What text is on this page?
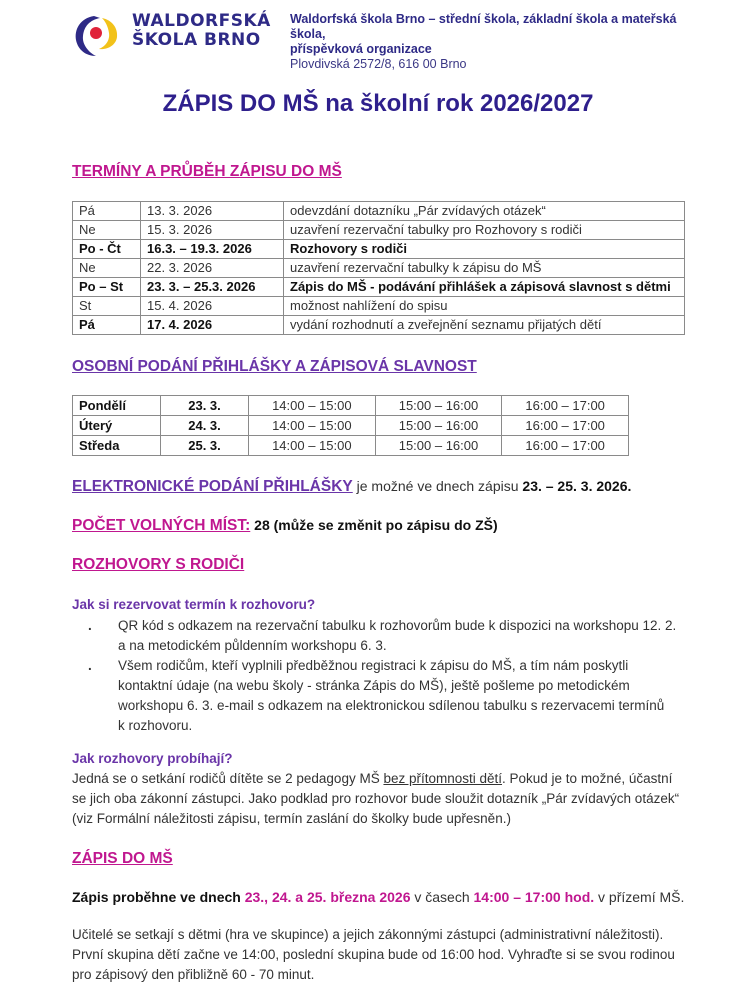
WALDORFSKÁ
ŠKOLA BRNO
Waldorfská škola Brno – střední škola, základní škola a mateřská škola,
příspěvková organizace
Plovdivská 2572/8, 616 00 Brno
ZÁPIS DO MŠ na školní rok 2026/2027
TERMÍNY A PRŮBĚH ZÁPISU DO MŠ
Pá	13. 3. 2026	odevzdání dotazníku „Pár zvídavých otázek“
Ne	15. 3. 2026	uzavření rezervační tabulky pro Rozhovory s rodiči
Po - Čt	16.3. – 19.3. 2026	Rozhovory s rodiči
Ne	22. 3. 2026	uzavření rezervační tabulky k zápisu do MŠ
Po – St	23. 3. – 25.3. 2026	Zápis do MŠ - podávání přihlášek a zápisová slavnost s dětmi
St	15. 4. 2026	možnost nahlížení do spisu
Pá	17. 4. 2026	vydání rozhodnutí a zveřejnění seznamu přijatých dětí
OSOBNÍ PODÁNÍ PŘIHLÁŠKY A ZÁPISOVÁ SLAVNOST
Pondělí	23. 3.	14:00 – 15:00	15:00 – 16:00	16:00 – 17:00
Úterý	24. 3.	14:00 – 15:00	15:00 – 16:00	16:00 – 17:00
Středa	25. 3.	14:00 – 15:00	15:00 – 16:00	16:00 – 17:00
ELEKTRONICKÉ PODÁNÍ PŘIHLÁŠKY je možné ve dnech zápisu 23. – 25. 3. 2026.
POČET VOLNÝCH MÍST: 28 (může se změnit po zápisu do ZŠ)
ROZHOVORY S RODIČI
Jak si rezervovat termín k rozhovoru?
. QR kód s odkazem na rezervační tabulku k rozhovorům bude k dispozici na workshopu 12. 2.
a na metodickém půldenním workshopu 6. 3.
. Všem rodičům, kteří vyplnili předběžnou registraci k zápisu do MŠ, a tím nám poskytli
kontaktní údaje (na webu školy - stránka Zápis do MŠ), ještě pošleme po metodickém
workshopu 6. 3. e-mail s odkazem na elektronickou sdílenou tabulku s rezervacemi termínů
k rozhovoru.
Jak rozhovory probíhají?
Jedná se o setkání rodičů dítěte se 2 pedagogy MŠ bez přítomnosti dětí. Pokud je to možné, účastní
se jich oba zákonní zástupci. Jako podklad pro rozhovor bude sloužit dotazník „Pár zvídavých otázek“
(viz Formální náležitosti zápisu, termín zaslání do školky bude upřesněn.)
ZÁPIS DO MŠ
Zápis proběhne ve dnech 23., 24. a 25. března 2026 v časech 14:00 – 17:00 hod. v přízemí MŠ.
Učitelé se setkají s dětmi (hra ve skupince) a jejich zákonnými zástupci (administrativní náležitosti).
První skupina dětí začne ve 14:00, poslední skupina bude od 16:00 hod. Vyhraďte si se svou rodinou
pro zápisový den přibližně 60 - 70 minut.
